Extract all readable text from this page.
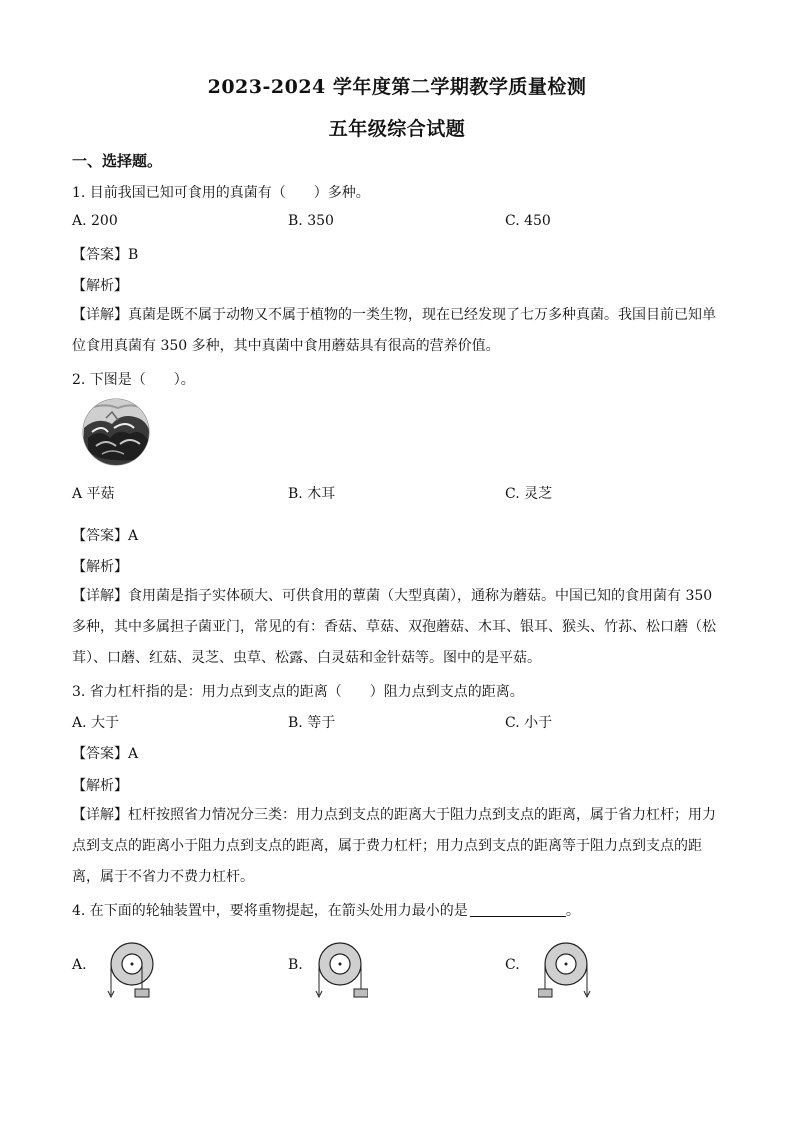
2023-2024 学年度第二学期教学质量检测
五年级综合试题
一、选择题。
1. 目前我国已知可食用的真菌有（　　）多种。
A. 200	B. 350	C. 450
【答案】B
【解析】
【详解】真菌是既不属于动物又不属于植物的一类生物，现在已经发现了七万多种真菌。我国目前已知单
位食用真菌有 350 多种，其中真菌中食用蘑菇具有很高的营养价值。
2. 下图是（　　）。
A 平菇	B. 木耳	C. 灵芝
【答案】A
【解析】
【详解】食用菌是指子实体硕大、可供食用的蕈菌（大型真菌），通称为蘑菇。中国已知的食用菌有 350
多种，其中多属担子菌亚门，常见的有：香菇、草菇、双孢蘑菇、木耳、银耳、猴头、竹荪、松口蘑（松
茸）、口蘑、红菇、灵芝、虫草、松露、白灵菇和金针菇等。图中的是平菇。
3. 省力杠杆指的是：用力点到支点的距离（　　）阻力点到支点的距离。
A. 大于	B. 等于	C. 小于
【答案】A
【解析】
【详解】杠杆按照省力情况分三类：用力点到支点的距离大于阻力点到支点的距离，属于省力杠杆；用力
点到支点的距离小于阻力点到支点的距离，属于费力杠杆；用力点到支点的距离等于阻力点到支点的距
离，属于不省力不费力杠杆。
4. 在下面的轮轴装置中，要将重物提起，在箭头处用力最小的是	。
A.	B.	C.
